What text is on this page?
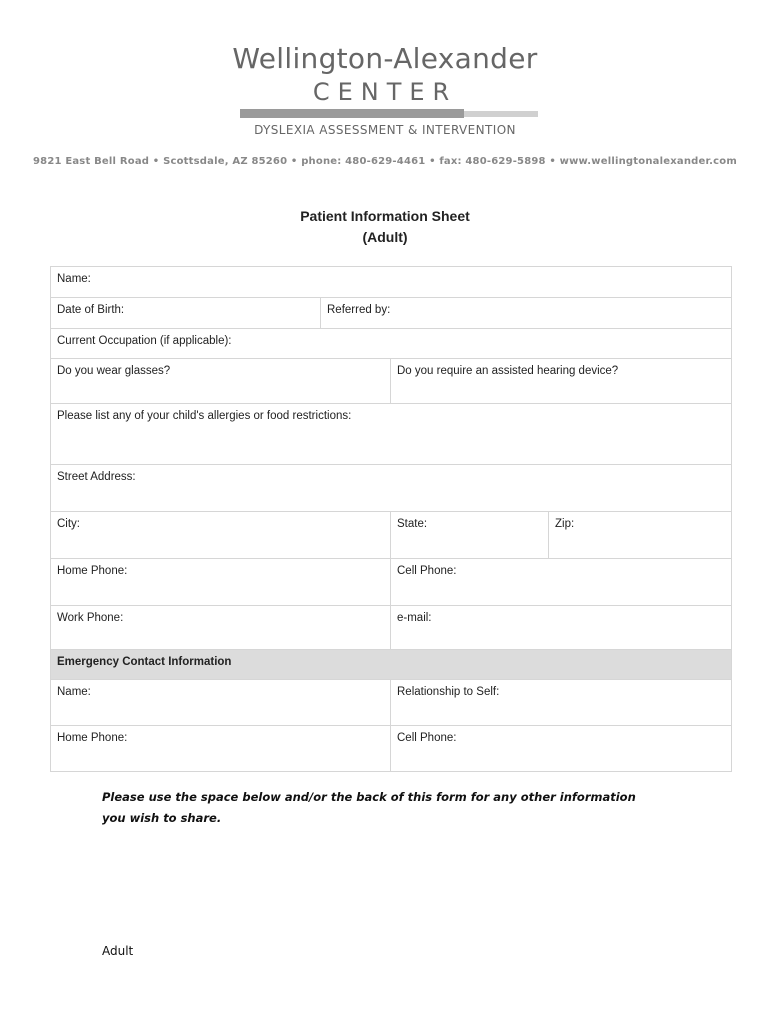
Wellington-Alexander
CENTER
DYSLEXIA ASSESSMENT & INTERVENTION
9821 East Bell Road • Scottsdale, AZ 85260 • phone: 480-629-4461 • fax: 480-629-5898 • www.wellingtonalexander.com
Patient Information Sheet
(Adult)
Name:			
Date of Birth:	Referred by:		
Current Occupation (if applicable):			
Do you wear glasses?		Do you require an assisted hearing device?	
Please list any of your child's allergies or food restrictions:			
Street Address:			
City:		State:	Zip:
Home Phone:		Cell Phone:	
Work Phone:		e-mail:	
Emergency Contact Information			
Name:		Relationship to Self:	
Home Phone:		Cell Phone:	
Please use the space below and/or the back of this form for any other information you wish to share.
Adult
